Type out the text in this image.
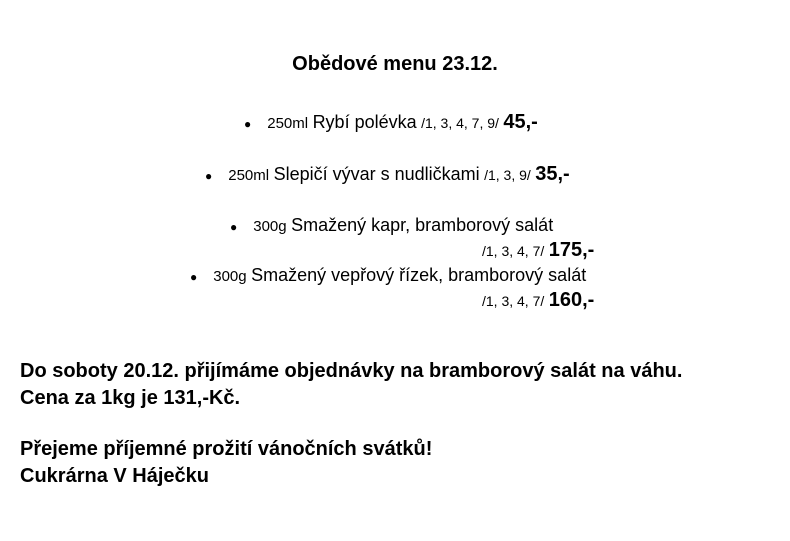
Obědové menu 23.12.
● 250ml Rybí polévka /1, 3, 4, 7, 9/ 45,-
● 250ml Slepičí vývar s nudličkami /1, 3, 9/ 35,-
● 300g Smažený kapr, bramborový salát
/1, 3, 4, 7/ 175,-
● 300g Smažený vepřový řízek, bramborový salát
/1, 3, 4, 7/ 160,-
Do soboty 20.12. přijímáme objednávky na bramborový salát na váhu.
Cena za 1kg je 131,-Kč.
Přejeme příjemné prožití vánočních svátků!
Cukrárna V Háječku
